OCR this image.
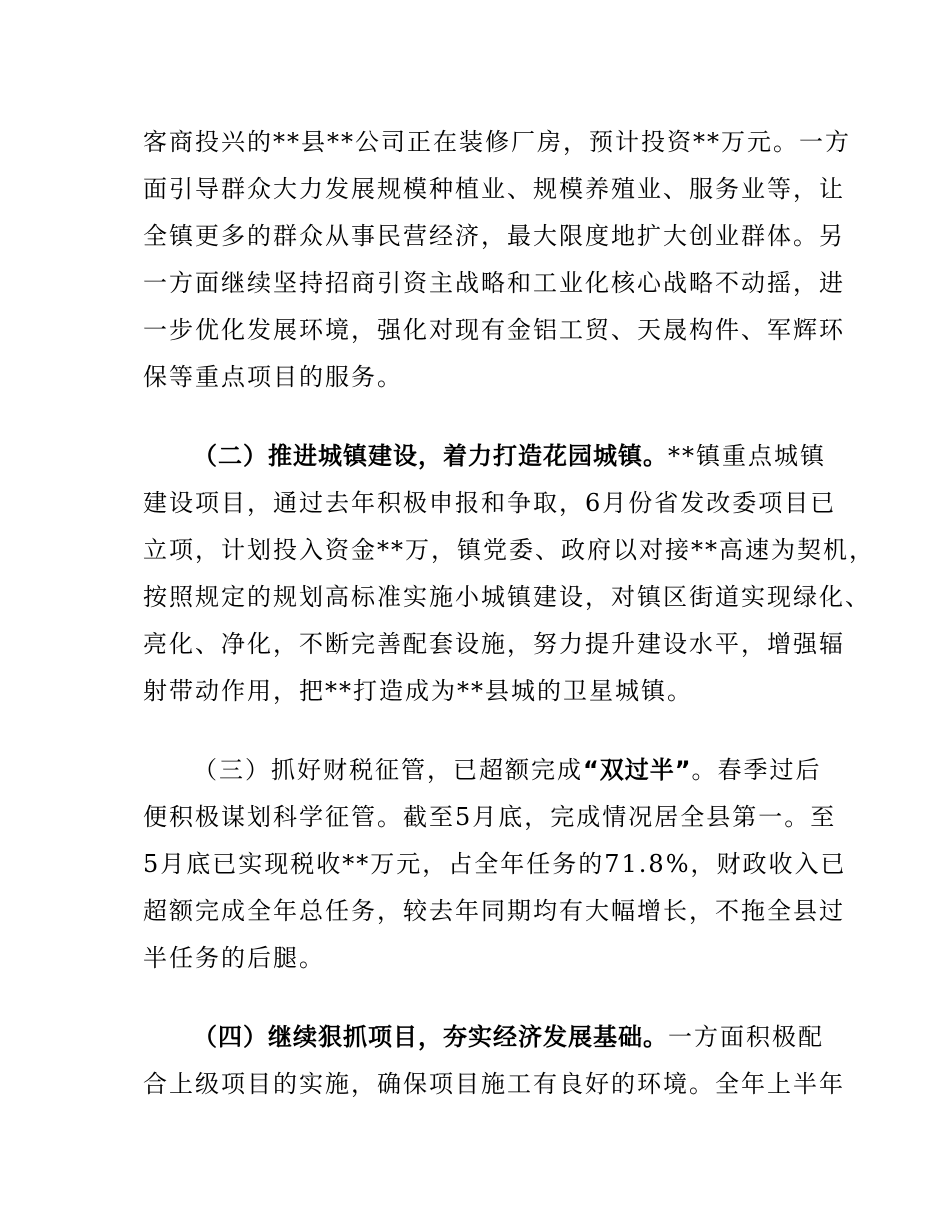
客商投兴的**县**公司正在装修厂房，预计投资**万元。一方
面引导群众大力发展规模种植业、规模养殖业、服务业等，让
全镇更多的群众从事民营经济，最大限度地扩大创业群体。另
一方面继续坚持招商引资主战略和工业化核心战略不动摇，进
一步优化发展环境，强化对现有金铝工贸、天晟构件、军辉环
保等重点项目的服务。
（二）推进城镇建设，着力打造花园城镇。**镇重点城镇
建设项目，通过去年积极申报和争取，6月份省发改委项目已
立项，计划投入资金**万，镇党委、政府以对接**高速为契机，
按照规定的规划高标准实施小城镇建设，对镇区街道实现绿化、
亮化、净化，不断完善配套设施，努力提升建设水平，增强辐
射带动作用，把**打造成为**县城的卫星城镇。
（三）抓好财税征管，已超额完成“双过半”。春季过后
便积极谋划科学征管。截至5月底，完成情况居全县第一。至
5月底已实现税收**万元，占全年任务的71.8%，财政收入已
超额完成全年总任务，较去年同期均有大幅增长，不拖全县过
半任务的后腿。
（四）继续狠抓项目，夯实经济发展基础。一方面积极配
合上级项目的实施，确保项目施工有良好的环境。全年上半年
